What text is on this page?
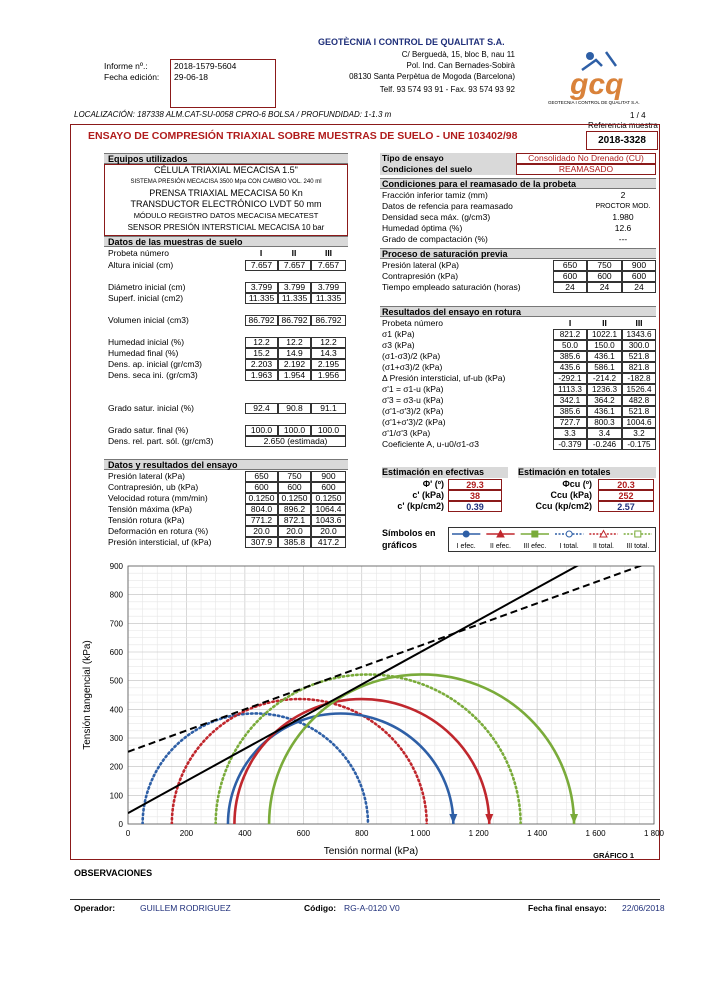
Informe nº.:
Fecha edición:
2018-1579-5604
29-06-18
GEOTÈCNIA I CONTROL DE QUALITAT S.A.
C/ Berguedà, 15, bloc B, nau 11
Pol. Ind. Can Bernades-Sobirà
08130 Santa Perpètua de Mogoda (Barcelona)
Telf. 93 574 93 91 - Fax. 93 574 93 92 gcq
GEOTECNIA I CONTROL DE QUALITAT S.A.
LOCALIZACIÓN: 187338 ALM.CAT-SU-0058 CPRO-6 BOLSA / PROFUNDIDAD: 1-1.3 m	1 / 4
Referencia muestra
ENSAYO DE COMPRESIÓN TRIAXIAL SOBRE MUESTRAS DE SUELO - UNE 103402/98	2018-3328
Equipos utilizados
CÉLULA TRIAXIAL MECACISA 1.5"
SISTEMA PRESIÓN MECACISA 3500 Mpa CON CAMBIO VOL. 240 ml
PRENSA TRIAXIAL MECACISA 50 Kn
TRANSDUCTOR ELECTRÓNICO LVDT 50 mm
MÓDULO REGISTRO DATOS MECACISA MECATEST
SENSOR PRESIÓN INTERSTICIAL MECACISA 10 bar
Datos de las muestras de suelo
Probeta número	I	II	III
Altura inicial (cm)	7.657	7.657	7.657
Diámetro inicial (cm)	3.799	3.799	3.799
Superf. inicial (cm2)	11.335 11.335	11.335
Volumen inicial (cm3)	86.792 86.792 86.792
Humedad inicial (%)	12.2	12.2	12.2
Humedad final (%)	15.2	14.9	14.3
Dens. ap. inicial (gr/cm3)	2.203	2.192	2.195
Dens. seca ini. (gr/cm3)	1.963	1.954	1.956
Grado satur. inicial (%)	92.4	90.8	91.1
Grado satur. final (%)	100.0	100.0	100.0
Dens. rel. part. sól. (gr/cm3)	2.650 (estimada)
Datos y resultados del ensayo
Presión lateral (kPa)	650	750	900
Contrapresión, ub (kPa)	600	600	600
Velocidad rotura (mm/min)	0.1250 0.1250 0.1250
Tensión máxima (kPa)	804.0	896.2	1064.4
Tensión rotura (kPa)	771.2	872.1	1043.6
Deformación en rotura (%)	20.0	20.0	20.0
Presión intersticial, uf (kPa)	307.9	385.8	417.2
Tipo de ensayo	Consolidado No Drenado (CU)
Condiciones del suelo	REAMASADO
Condiciones para el reamasado de la probeta
Fracción inferior tamiz (mm)	2
Datos de refencia para reamasado	PROCTOR MOD.
Densidad seca máx. (g/cm3)	1.980
Humedad óptima (%)	12.6
Grado de compactación (%)	---
Proceso de saturación previa
Presión lateral (kPa)	650	750	900
Contrapresión (kPa)	600	600	600
Tiempo empleado saturación (horas)	24	24	24
Resultados del ensayo en rotura
Probeta número	I	II	III
σ1 (kPa)	821.2	1022.1	1343.6
σ3 (kPa)	50.0	150.0	300.0
(σ1-σ3)/2 (kPa)	385.6	436.1	521.8
(σ1+σ3)/2 (kPa)	435.6	586.1	821.8
Δ Presión intersticial, uf-ub (kPa)	-292.1	-214.2	-182.8
σ'1 = σ1-u (kPa)	1113.3	1236.3	1526.4
σ'3 = σ3-u (kPa)	342.1	364.2	482.8
(σ'1-σ'3)/2 (kPa)	385.6	436.1	521.8
(σ'1+σ'3)/2 (kPa)	727.7	800.3	1004.6
σ'1/σ'3 (kPa)	3.3	3.4	3.2
Coeficiente A, u-u0/σ1-σ3	-0.379	-0.246	-0.175
Estimación en efectivas	Estimación en totales
Φ' (º)	29.3	Φcu (º)	20.3
c' (kPa)	38	Ccu (kPa)	252
c' (kp/cm2)	0.39	Ccu (kp/cm2)	2.57
Símbolos en
gráficos	I efec. II efec. III efec. I total. II total. III total.
0	200	400	600	800	1 000	1 200	1 400	1 600	1 800
0
100
200
300
400
500
600
700
800
900
Tensión normal (kPa)
Tensión tangencial (kPa)
GRÁFICO 1
OBSERVACIONES
Operador:	GUILLEM RODRIGUEZ	Código: RG-A-0120 V0	Fecha final ensayo: 22/06/2018
